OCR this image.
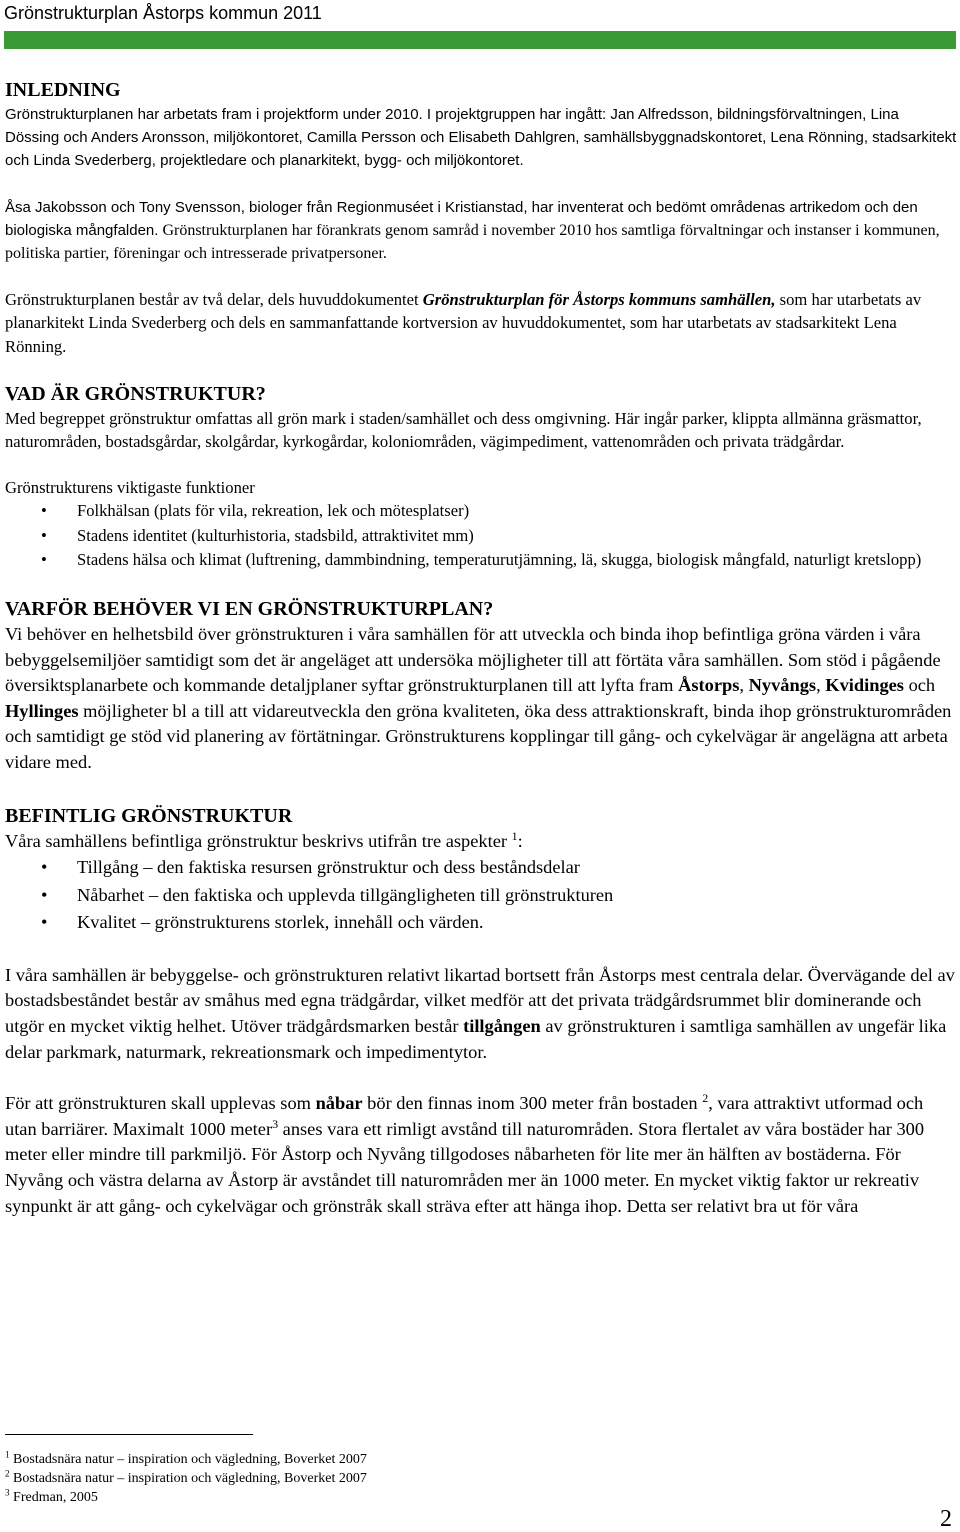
Grönstrukturplan Åstorps kommun 2011
INLEDNING

Grönstrukturplanen har arbetats fram i projektform under 2010. I projektgruppen har ingått: Jan Alfredsson, bildningsförvaltningen, Lina Dössing och Anders Aronsson, miljökontoret, Camilla Persson och Elisabeth Dahlgren, samhällsbyggnadskontoret, Lena Rönning, stadsarkitekt och Linda Svederberg, projektledare och planarkitekt, bygg- och miljökontoret.

Åsa Jakobsson och Tony Svensson, biologer från Regionmuséet i Kristianstad, har inventerat och bedömt områdenas artrikedom och den biologiska mångfalden. Grönstrukturplanen har förankrats genom samråd i november 2010 hos samtliga förvaltningar och instanser i kommunen, politiska partier, föreningar och intresserade privatpersoner.

Grönstrukturplanen består av två delar, dels huvuddokumentet Grönstrukturplan för Åstorps kommuns samhällen, som har utarbetats av planarkitekt Linda Svederberg och dels en sammanfattande kortversion av huvuddokumentet, som har utarbetats av stadsarkitekt Lena Rönning.

VAD ÄR GRÖNSTRUKTUR?

Med begreppet grönstruktur omfattas all grön mark i staden/samhället och dess omgivning. Här ingår parker, klippta allmänna gräsmattor, naturområden, bostadsgårdar, skolgårdar, kyrkogårdar, koloniområden, vägimpediment, vattenområden och privata trädgårdar.

Grönstrukturens viktigaste funktioner

• Folkhälsan (plats för vila, rekreation, lek och mötesplatser)
• Stadens identitet (kulturhistoria, stadsbild, attraktivitet mm)
• Stadens hälsa och klimat (luftrening, dammbindning, temperaturutjämning, lä, skugga, biologisk mångfald, naturligt kretslopp)
VARFÖR BEHÖVER VI EN GRÖNSTRUKTURPLAN?

Vi behöver en helhetsbild över grönstrukturen i våra samhällen för att utveckla och binda ihop befintliga gröna värden i våra bebyggelsemiljöer samtidigt som det är angeläget att undersöka möjligheter till att förtäta våra samhällen. Som stöd i pågående översiktsplanarbete och kommande detaljplaner syftar grönstrukturplanen till att lyfta fram Åstorps, Nyvångs, Kvidinges och Hyllinges möjligheter bl a till att vidareutveckla den gröna kvaliteten, öka dess attraktionskraft, binda ihop grönstrukturområden och samtidigt ge stöd vid planering av förtätningar. Grönstrukturens kopplingar till gång- och cykelvägar är angelägna att arbeta vidare med.

BEFINTLIG GRÖNSTRUKTUR

Våra samhällens befintliga grönstruktur beskrivs utifrån tre aspekter $^1$:

• Tillgång – den faktiska resursen grönstruktur och dess beståndsdelar
• Nåbarhet – den faktiska och upplevda tillgängligheten till grönstrukturen
• Kvalitet – grönstrukturens storlek, innehåll och värden.

I våra samhällen är bebyggelse- och grönstrukturen relativt likartad bortsett från Åstorps mest centrala delar. Övervägande del av bostadsbeståndet består av småhus med egna trädgårdar, vilket medför att det privata trädgårdsrummet blir dominerande och utgör en mycket viktig helhet. Utöver trädgårdsmarken består tillgången av grönstrukturen i samtliga samhällen av ungefär lika delar parkmark, naturmark, rekreationsmark och impedimentytor.

För att grönstrukturen skall upplevas som nåbar bör den finnas inom 300 meter från bostaden $^2$, vara attraktivt utformad och utan barriärer. Maximalt 1000 meter$^3$ anses vara ett rimligt avstånd till naturområden. Stora flertalet av våra bostäder har 300 meter eller mindre till parkmiljö. För Åstorp och Nyvång tillgodoses nåbarheten för lite mer än hälften av bostäderna. För Nyvång och västra delarna av Åstorp är avståndet till naturområden mer än 1000 meter. En mycket viktig faktor ur rekreativ synpunkt är att gång- och cykelvägar och grönstråk skall sträva efter att hänga ihop. Detta ser relativt bra ut för våra

$^1$ Bostadsnära natur – inspiration och vägledning, Boverket 2007
$^2$ Bostadsnära natur – inspiration och vägledning, Boverket 2007
$^3$ Fredman, 2005
2
